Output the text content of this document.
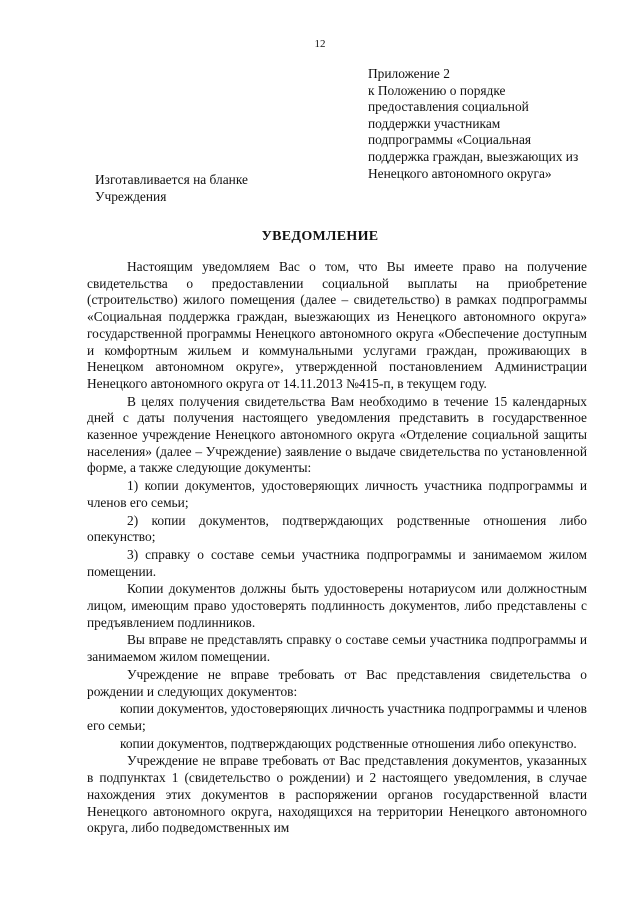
12
Приложение 2
к Положению о порядке
предоставления социальной
поддержки участникам
подпрограммы «Социальная
поддержка граждан, выезжающих из
Ненецкого автономного округа»
Изготавливается на бланке
Учреждения
УВЕДОМЛЕНИЕ

Настоящим уведомляем Вас о том, что Вы имеете право на получение свидетельства о предоставлении социальной выплаты на приобретение (строительство) жилого помещения (далее – свидетельство) в рамках подпрограммы «Социальная поддержка граждан, выезжающих из Ненецкого автономного округа» государственной программы Ненецкого автономного округа «Обеспечение доступным и комфортным жильем и коммунальными услугами граждан, проживающих в Ненецком автономном округе», утвержденной постановлением Администрации Ненецкого автономного округа от 14.11.2013 №415-п, в текущем году.

В целях получения свидетельства Вам необходимо в течение 15 календарных дней с даты получения настоящего уведомления представить в государственное казенное учреждение Ненецкого автономного округа «Отделение социальной защиты населения» (далее – Учреждение) заявление о выдаче свидетельства по установленной форме, а также следующие документы:

1) копии документов, удостоверяющих личность участника подпрограммы и членов его семьи;

2) копии документов, подтверждающих родственные отношения либо опекунство;

3) справку о составе семьи участника подпрограммы и занимаемом жилом помещении.

Копии документов должны быть удостоверены нотариусом или должностным лицом, имеющим право удостоверять подлинность документов, либо представлены с предъявлением подлинников.

Вы вправе не представлять справку о составе семьи участника подпрограммы и занимаемом жилом помещении.

Учреждение не вправе требовать от Вас представления свидетельства о рождении и следующих документов:

копии документов, удостоверяющих личность участника подпрограммы и членов его семьи;

копии документов, подтверждающих родственные отношения либо опекунство.

Учреждение не вправе требовать от Вас представления документов, указанных в подпунктах 1 (свидетельство о рождении) и 2 настоящего уведомления, в случае нахождения этих документов в распоряжении органов государственной власти Ненецкого автономного округа, находящихся на территории Ненецкого автономного округа, либо подведомственных им
